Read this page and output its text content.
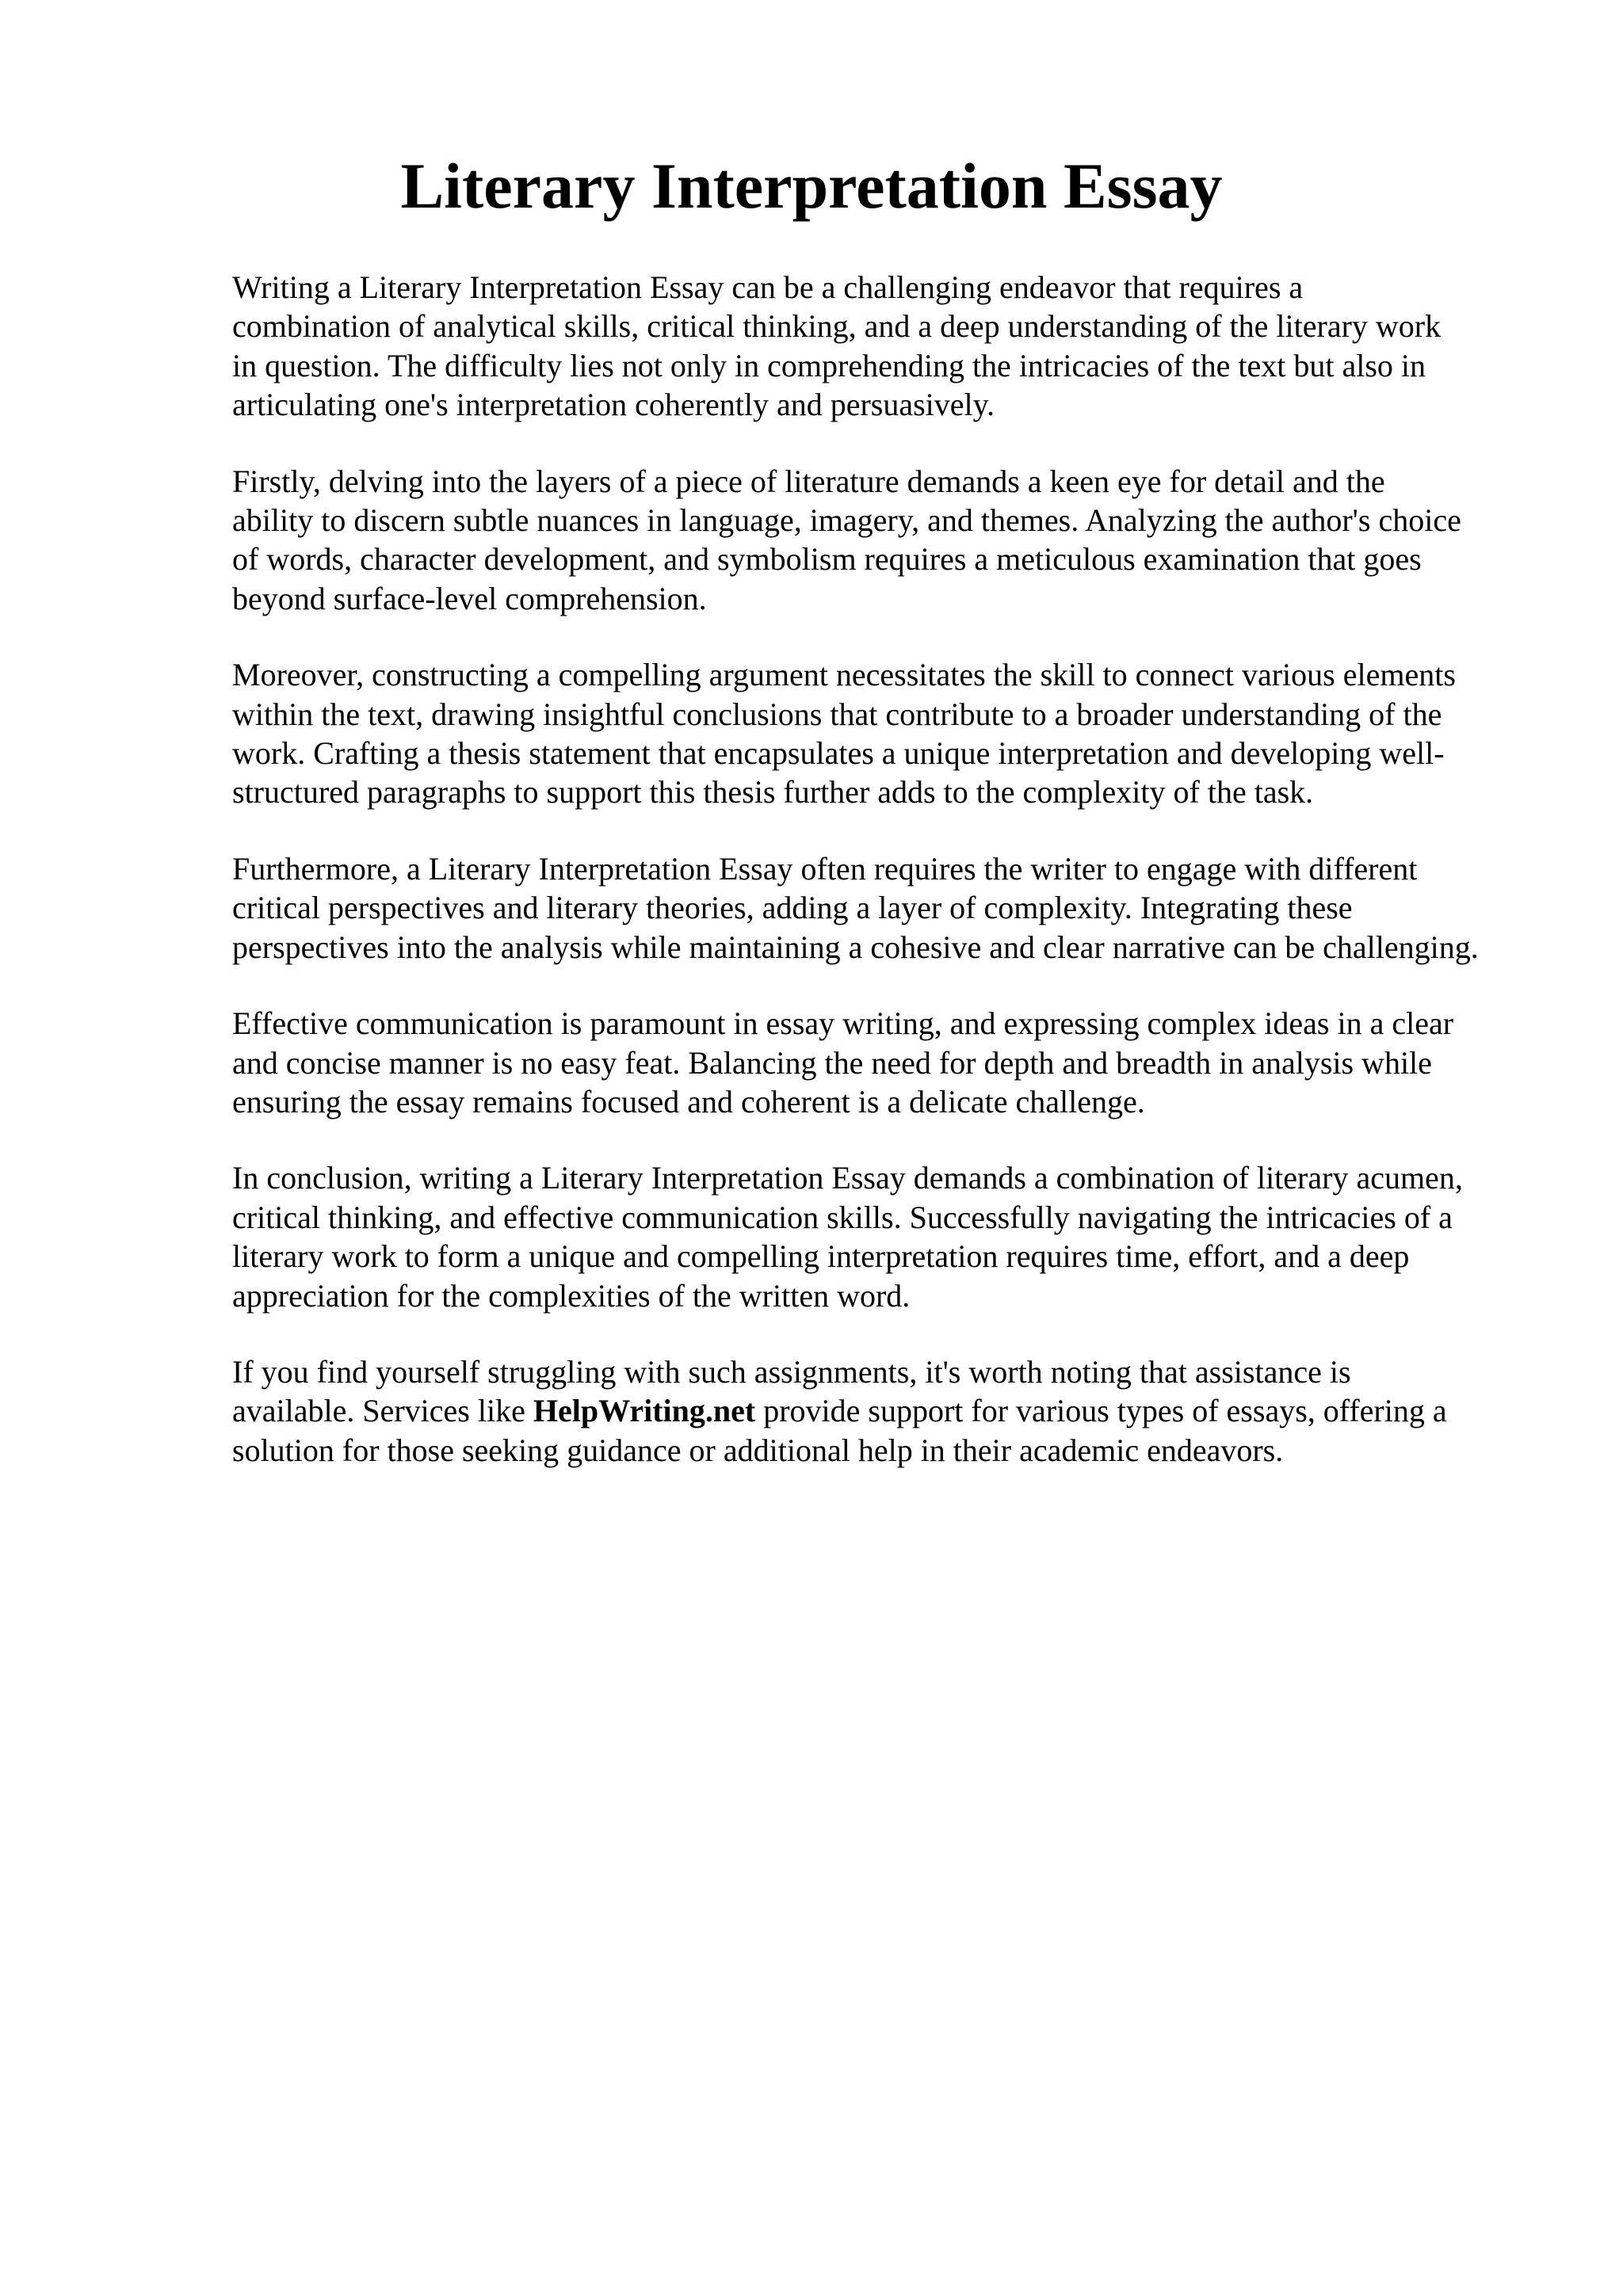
Literary Interpretation Essay

Writing a Literary Interpretation Essay can be a challenging endeavor that requires a
combination of analytical skills, critical thinking, and a deep understanding of the literary work
in question. The difficulty lies not only in comprehending the intricacies of the text but also in
articulating one's interpretation coherently and persuasively.

Firstly, delving into the layers of a piece of literature demands a keen eye for detail and the
ability to discern subtle nuances in language, imagery, and themes. Analyzing the author's choice
of words, character development, and symbolism requires a meticulous examination that goes
beyond surface-level comprehension.

Moreover, constructing a compelling argument necessitates the skill to connect various elements
within the text, drawing insightful conclusions that contribute to a broader understanding of the
work. Crafting a thesis statement that encapsulates a unique interpretation and developing well-
structured paragraphs to support this thesis further adds to the complexity of the task.

Furthermore, a Literary Interpretation Essay often requires the writer to engage with different
critical perspectives and literary theories, adding a layer of complexity. Integrating these
perspectives into the analysis while maintaining a cohesive and clear narrative can be challenging.

Effective communication is paramount in essay writing, and expressing complex ideas in a clear
and concise manner is no easy feat. Balancing the need for depth and breadth in analysis while
ensuring the essay remains focused and coherent is a delicate challenge.

In conclusion, writing a Literary Interpretation Essay demands a combination of literary acumen,
critical thinking, and effective communication skills. Successfully navigating the intricacies of a
literary work to form a unique and compelling interpretation requires time, effort, and a deep
appreciation for the complexities of the written word.

If you find yourself struggling with such assignments, it's worth noting that assistance is
available. Services like HelpWriting.net provide support for various types of essays, offering a
solution for those seeking guidance or additional help in their academic endeavors.
